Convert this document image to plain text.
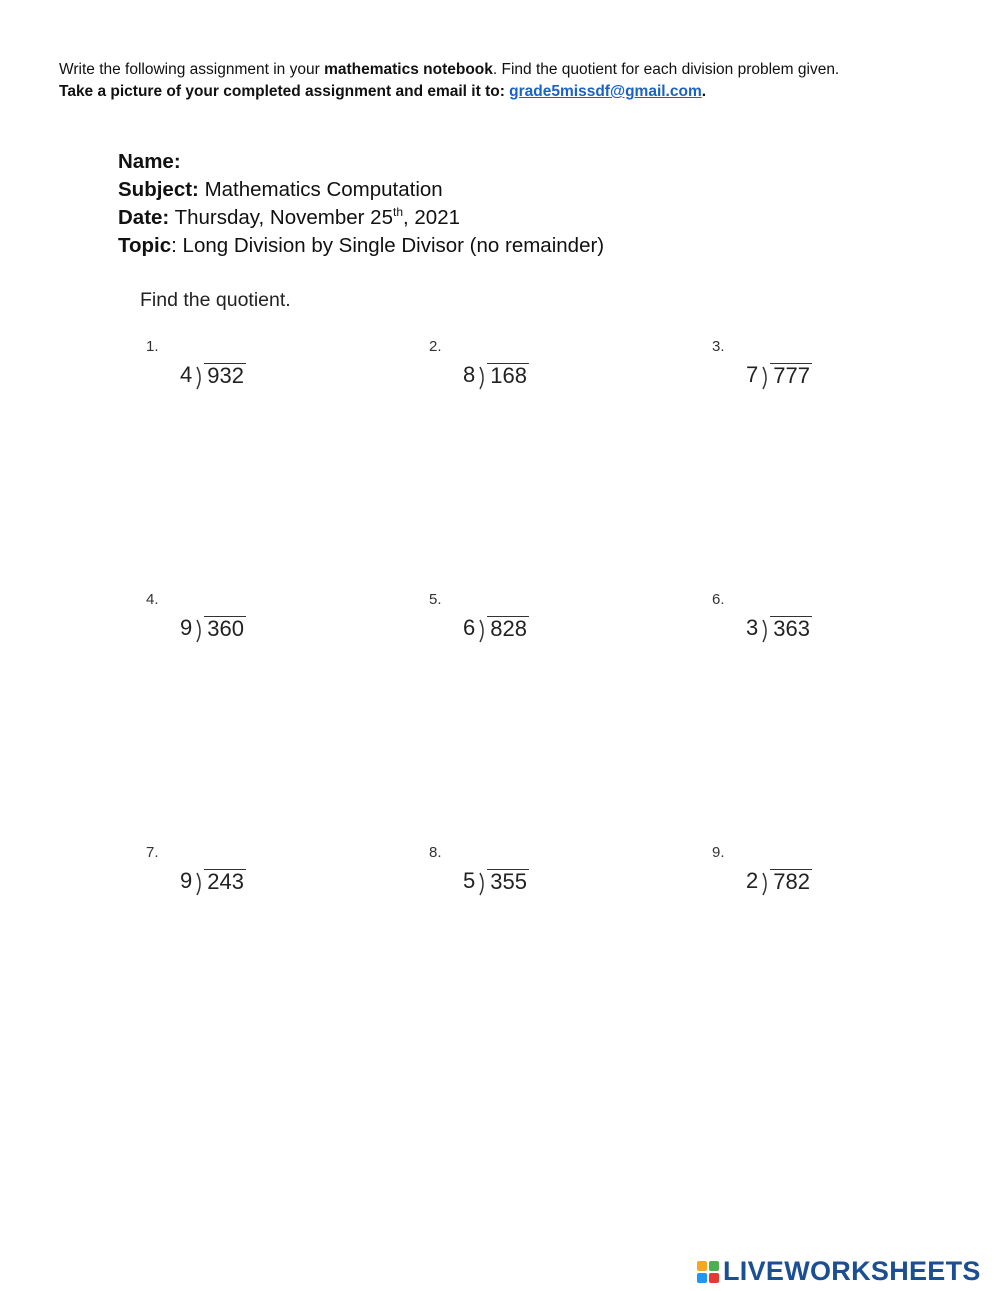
Write the following assignment in your mathematics notebook. Find the quotient for each division problem given.
Take a picture of your completed assignment and email it to: grade5missdf@gmail.com.
Name:
Subject: Mathematics Computation
Date: Thursday, November 25th, 2021
Topic: Long Division by Single Divisor (no remainder)
Find the quotient.
1.
4 932
2.
8 168
3.
7 777
4.
9 360
5.
6 828
6.
3 363
7.
9 243
8.
5 355
9.
2 782
LIVEWORKSHEETS
